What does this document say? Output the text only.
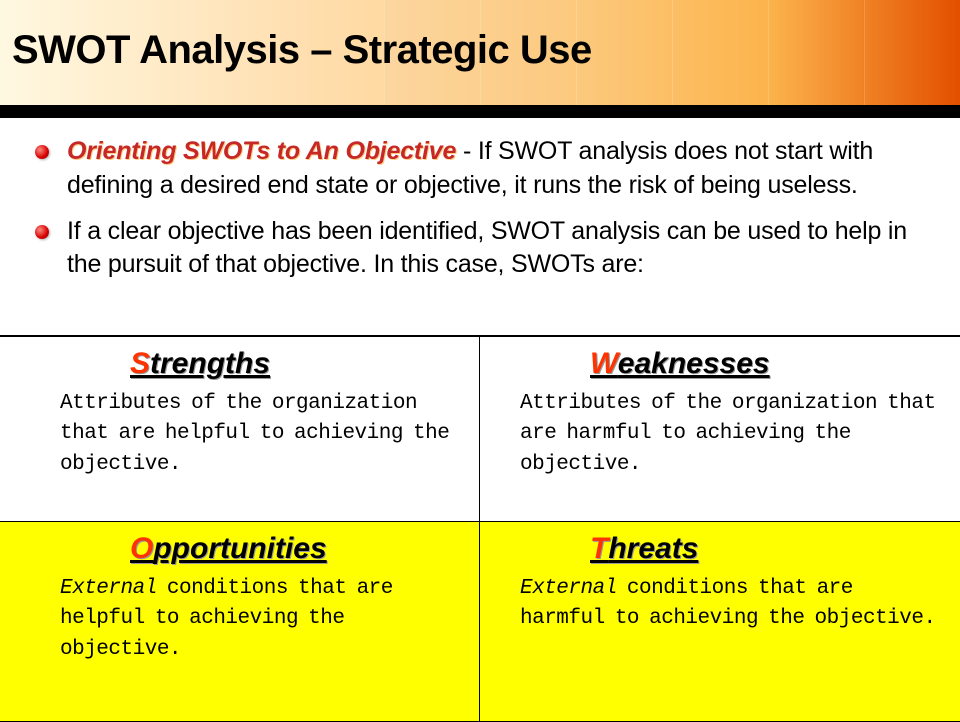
SWOT Analysis – Strategic Use
Orienting SWOTs to An Objective - If SWOT analysis does not start with defining a desired end state or objective, it runs the risk of being useless.
If a clear objective has been identified, SWOT analysis can be used to help in the pursuit of that objective. In this case, SWOTs are:
Strengths

Attributes of the organization that are helpful to achieving the objective.

Weaknesses

Attributes of the organization that are harmful to achieving the objective.

Opportunities

External conditions that are helpful to achieving the objective.

Threats

External conditions that are harmful to achieving the objective.
